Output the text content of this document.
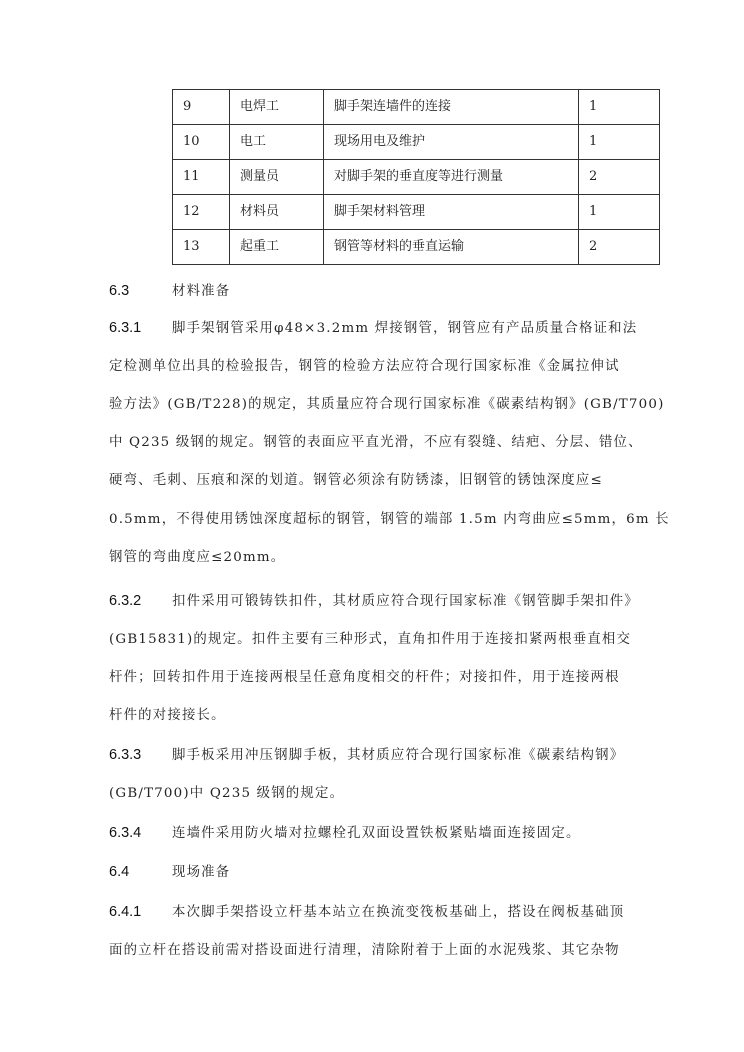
9	电焊工	脚手架连墙件的连接	1
10	电工	现场用电及维护	1
11	测量员	对脚手架的垂直度等进行测量	2
12	材料员	脚手架材料管理	1
13	起重工	钢管等材料的垂直运输	2
6.3	材料准备
6.3.1 脚手架钢管采用φ48×3.2mm 焊接钢管，钢管应有产品质量合格证和法
定检测单位出具的检验报告，钢管的检验方法应符合现行国家标准《金属拉伸试
验方法》(GB/T228)的规定，其质量应符合现行国家标准《碳素结构钢》(GB/T700)
中 Q235 级钢的规定。钢管的表面应平直光滑，不应有裂缝、结疤、分层、错位、
硬弯、毛刺、压痕和深的划道。钢管必须涂有防锈漆，旧钢管的锈蚀深度应≤
0.5mm，不得使用锈蚀深度超标的钢管，钢管的端部 1.5m 内弯曲应≤5mm，6m 长
钢管的弯曲度应≤20mm。
6.3.2 扣件采用可锻铸铁扣件，其材质应符合现行国家标准《钢管脚手架扣件》
(GB15831)的规定。扣件主要有三种形式，直角扣件用于连接扣紧两根垂直相交
杆件；回转扣件用于连接两根呈任意角度相交的杆件；对接扣件，用于连接两根
杆件的对接接长。
6.3.3 脚手板采用冲压钢脚手板，其材质应符合现行国家标准《碳素结构钢》
(GB/T700)中 Q235 级钢的规定。
6.3.4 连墙件采用防火墙对拉螺栓孔双面设置铁板紧贴墙面连接固定。
6.4	现场准备
6.4.1 本次脚手架搭设立杆基本站立在换流变筏板基础上，搭设在阀板基础顶
面的立杆在搭设前需对搭设面进行清理，清除附着于上面的水泥残浆、其它杂物
